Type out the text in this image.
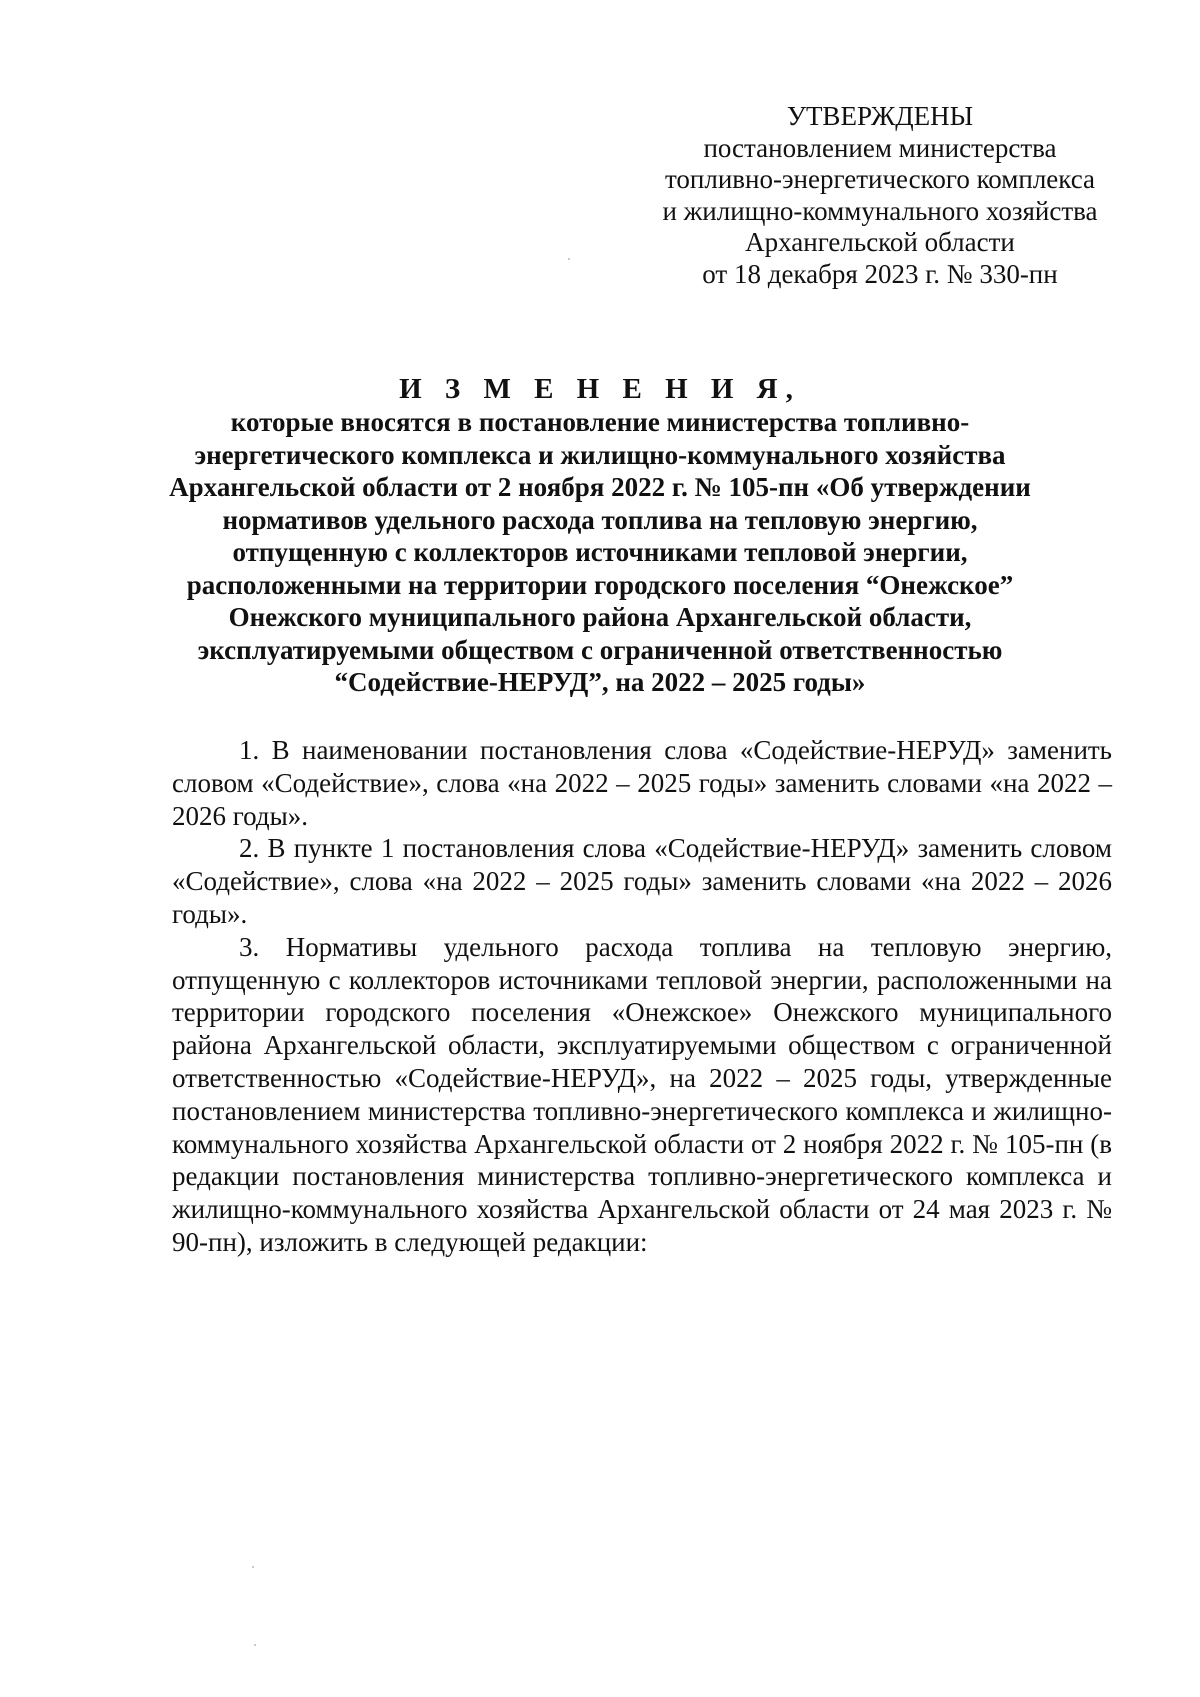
УТВЕРЖДЕНЫ
постановлением министерства
топливно-энергетического комплекса
и жилищно-коммунального хозяйства
Архангельской области
от 18 декабря 2023 г. № 330-пн
И З М Е Н Е Н И Я,
которые вносятся в постановление министерства топливно-
энергетического комплекса и жилищно-коммунального хозяйства
Архангельской области от 2 ноября 2022 г. № 105-пн «Об утверждении
нормативов удельного расхода топлива на тепловую энергию,
отпущенную с коллекторов источниками тепловой энергии,
расположенными на территории городского поселения “Онежское”
Онежского муниципального района Архангельской области,
эксплуатируемыми обществом с ограниченной ответственностью
“Содействие-НЕРУД”, на 2022 – 2025 годы»

1. В наименовании постановления слова «Содействие-НЕРУД» заменить словом «Содействие», слова «на 2022 – 2025 годы» заменить словами «на 2022 – 2026 годы».

2. В пункте 1 постановления слова «Содействие-НЕРУД» заменить словом «Содействие», слова «на 2022 – 2025 годы» заменить словами «на 2022 – 2026 годы».

3. Нормативы удельного расхода топлива на тепловую энергию, отпущенную с коллекторов источниками тепловой энергии, расположенными на территории городского поселения «Онежское» Онежского муниципального района Архангельской области, эксплуатируемыми обществом с ограниченной ответственностью «Содействие-НЕРУД», на 2022 – 2025 годы, утвержденные постановлением министерства топливно-энергетического комплекса и жилищно-коммунального хозяйства Архангельской области от 2 ноября 2022 г. № 105-пн (в редакции постановления министерства топливно-энергетического комплекса и жилищно-коммунального хозяйства Архангельской области от 24 мая 2023 г. № 90-пн), изложить в следующей редакции:
